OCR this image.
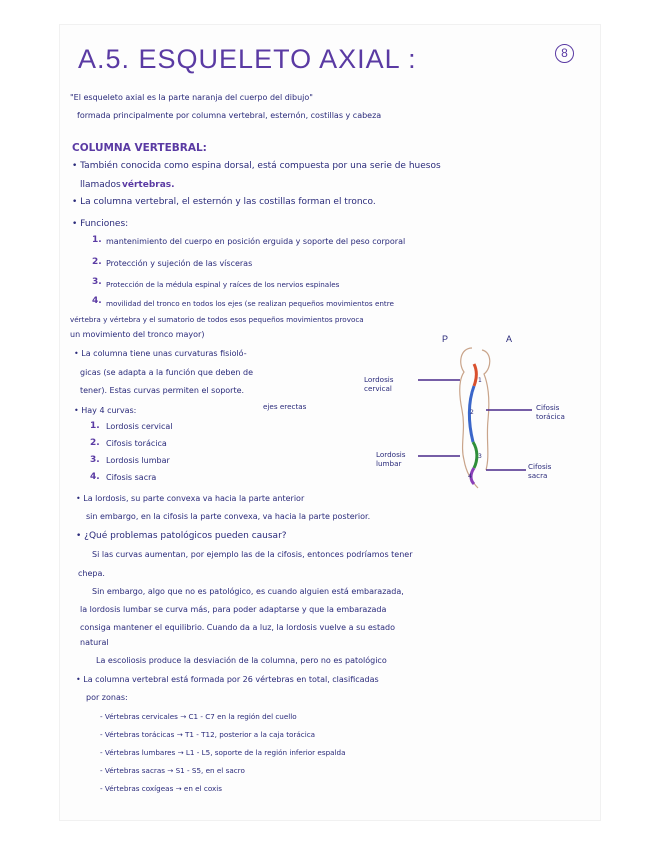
A.5. ESQUELETO AXIAL :	8
"El esqueleto axial es la parte naranja del cuerpo del dibujo"
formada principalmente por columna vertebral, esternón, costillas y cabeza
COLUMNA VERTEBRAL:
• También conocida como espina dorsal, está compuesta por una serie de huesos
llamados vértebras.
• La columna vertebral, el esternón y las costillas forman el tronco.
• Funciones:
1. mantenimiento del cuerpo en posición erguida y soporte del peso corporal
2. Protección y sujeción de las vísceras
3. Protección de la médula espinal y raíces de los nervios espinales
4. movilidad del tronco en todos los ejes (se realizan pequeños movimientos entre
vértebra y vértebra y el sumatorio de todos esos pequeños movimientos provoca
un movimiento del tronco mayor)
• La columna tiene unas curvaturas fisioló-
gicas (se adapta a la función que deben de
tener). Estas curvas permiten el soporte.
• Hay 4 curvas:	ejes erectas
1. Lordosis cervical
2. Cifosis torácica
3. Lordosis lumbar
4. Cifosis sacra
P	A
1
2
3
4
Lordosis cervical
Cifosis torácica
Lordosis lumbar	Cifosis sacra
• La lordosis, su parte convexa va hacia la parte anterior
sin embargo, en la cifosis la parte convexa, va hacia la parte posterior.
• ¿Qué problemas patológicos pueden causar?
Si las curvas aumentan, por ejemplo las de la cifosis, entonces podríamos tener
chepa.
Sin embargo, algo que no es patológico, es cuando alguien está embarazada,
la lordosis lumbar se curva más, para poder adaptarse y que la embarazada
consiga mantener el equilibrio. Cuando da a luz, la lordosis vuelve a su estado
natural
La escoliosis produce la desviación de la columna, pero no es patológico
• La columna vertebral está formada por 26 vértebras en total, clasificadas
por zonas:
- Vértebras cervicales → C1 - C7 en la región del cuello
- Vértebras torácicas → T1 - T12, posterior a la caja torácica
- Vértebras lumbares → L1 - L5, soporte de la región inferior espalda
- Vértebras sacras → S1 - S5, en el sacro
- Vértebras coxígeas → en el coxis
